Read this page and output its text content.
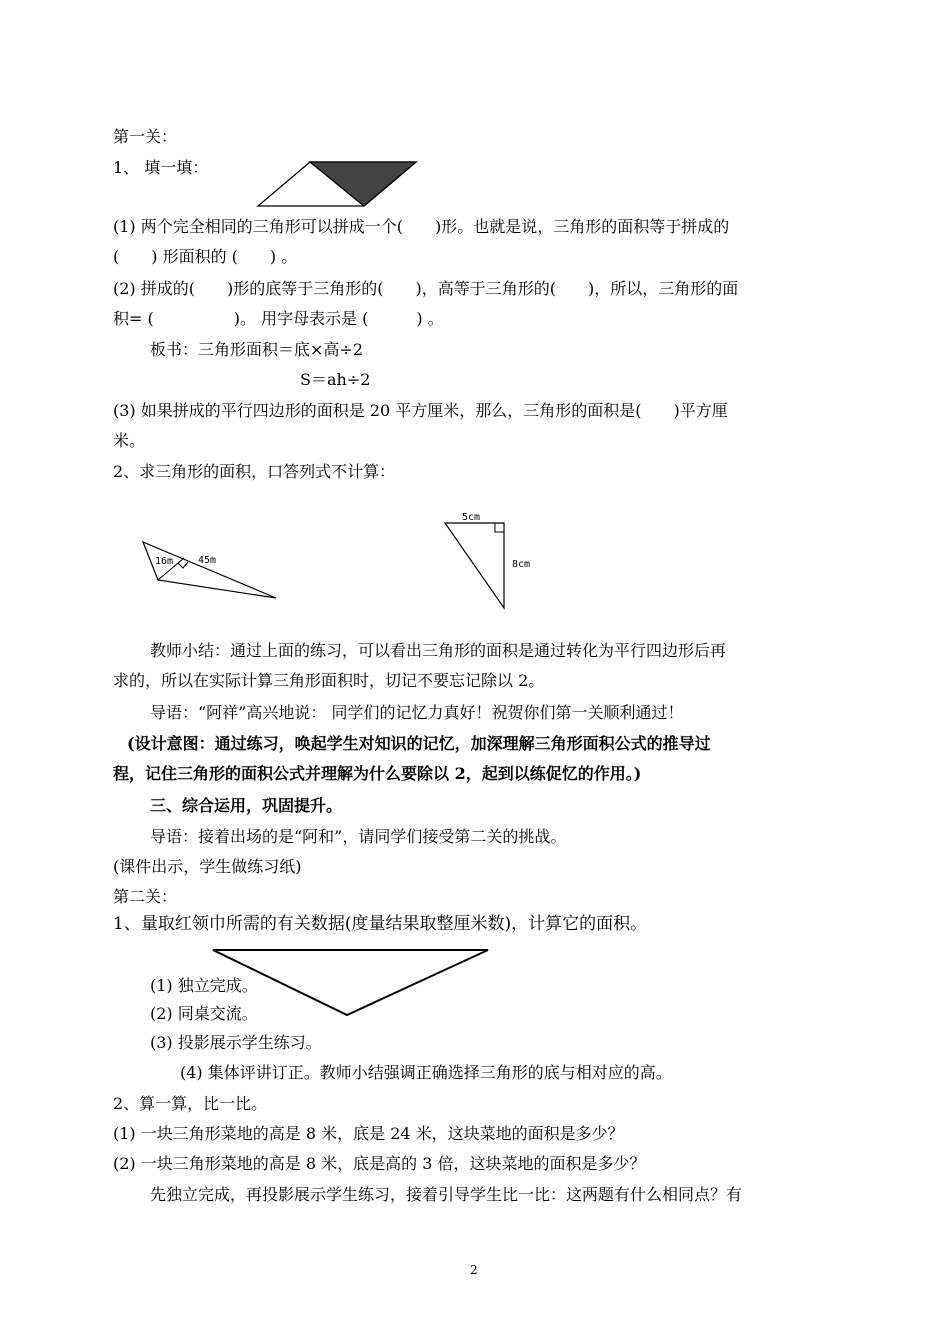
第一关：
1、 填一填：
(1) 两个完全相同的三角形可以拼成一个(　　)形。也就是说，三角形的面积等于拼成的
(　　) 形面积的 (　　) 。
(2) 拼成的(　　)形的底等于三角形的(　　)，高等于三角形的(　　)，所以，三角形的面
积= (　　　　　)。 用字母表示是 (　　　) 。
板书：三角形面积＝底×高÷2
S＝ah÷2
(3) 如果拼成的平行四边形的面积是 20 平方厘米，那么，三角形的面积是(　　)平方厘
米。
2、求三角形的面积，口答列式不计算：
16m 45m
5cm
8cm
教师小结：通过上面的练习，可以看出三角形的面积是通过转化为平行四边形后再
求的，所以在实际计算三角形面积时，切记不要忘记除以 2。
导语：“阿祥”高兴地说： 同学们的记忆力真好！祝贺你们第一关顺利通过！
(设计意图：通过练习，唤起学生对知识的记忆，加深理解三角形面积公式的推导过
程，记住三角形的面积公式并理解为什么要除以 2，起到以练促忆的作用。)
三、综合运用，巩固提升。
导语：接着出场的是“阿和”，请同学们接受第二关的挑战。
(课件出示，学生做练习纸)
第二关：
1、量取红领巾所需的有关数据(度量结果取整厘米数)，计算它的面积。
(1) 独立完成。
(2) 同桌交流。
(3) 投影展示学生练习。
(4) 集体评讲订正。教师小结强调正确选择三角形的底与相对应的高。
2、算一算，比一比。
(1) 一块三角形菜地的高是 8 米，底是 24 米，这块菜地的面积是多少？
(2) 一块三角形菜地的高是 8 米，底是高的 3 倍，这块菜地的面积是多少？
先独立完成，再投影展示学生练习，接着引导学生比一比：这两题有什么相同点？有
2
